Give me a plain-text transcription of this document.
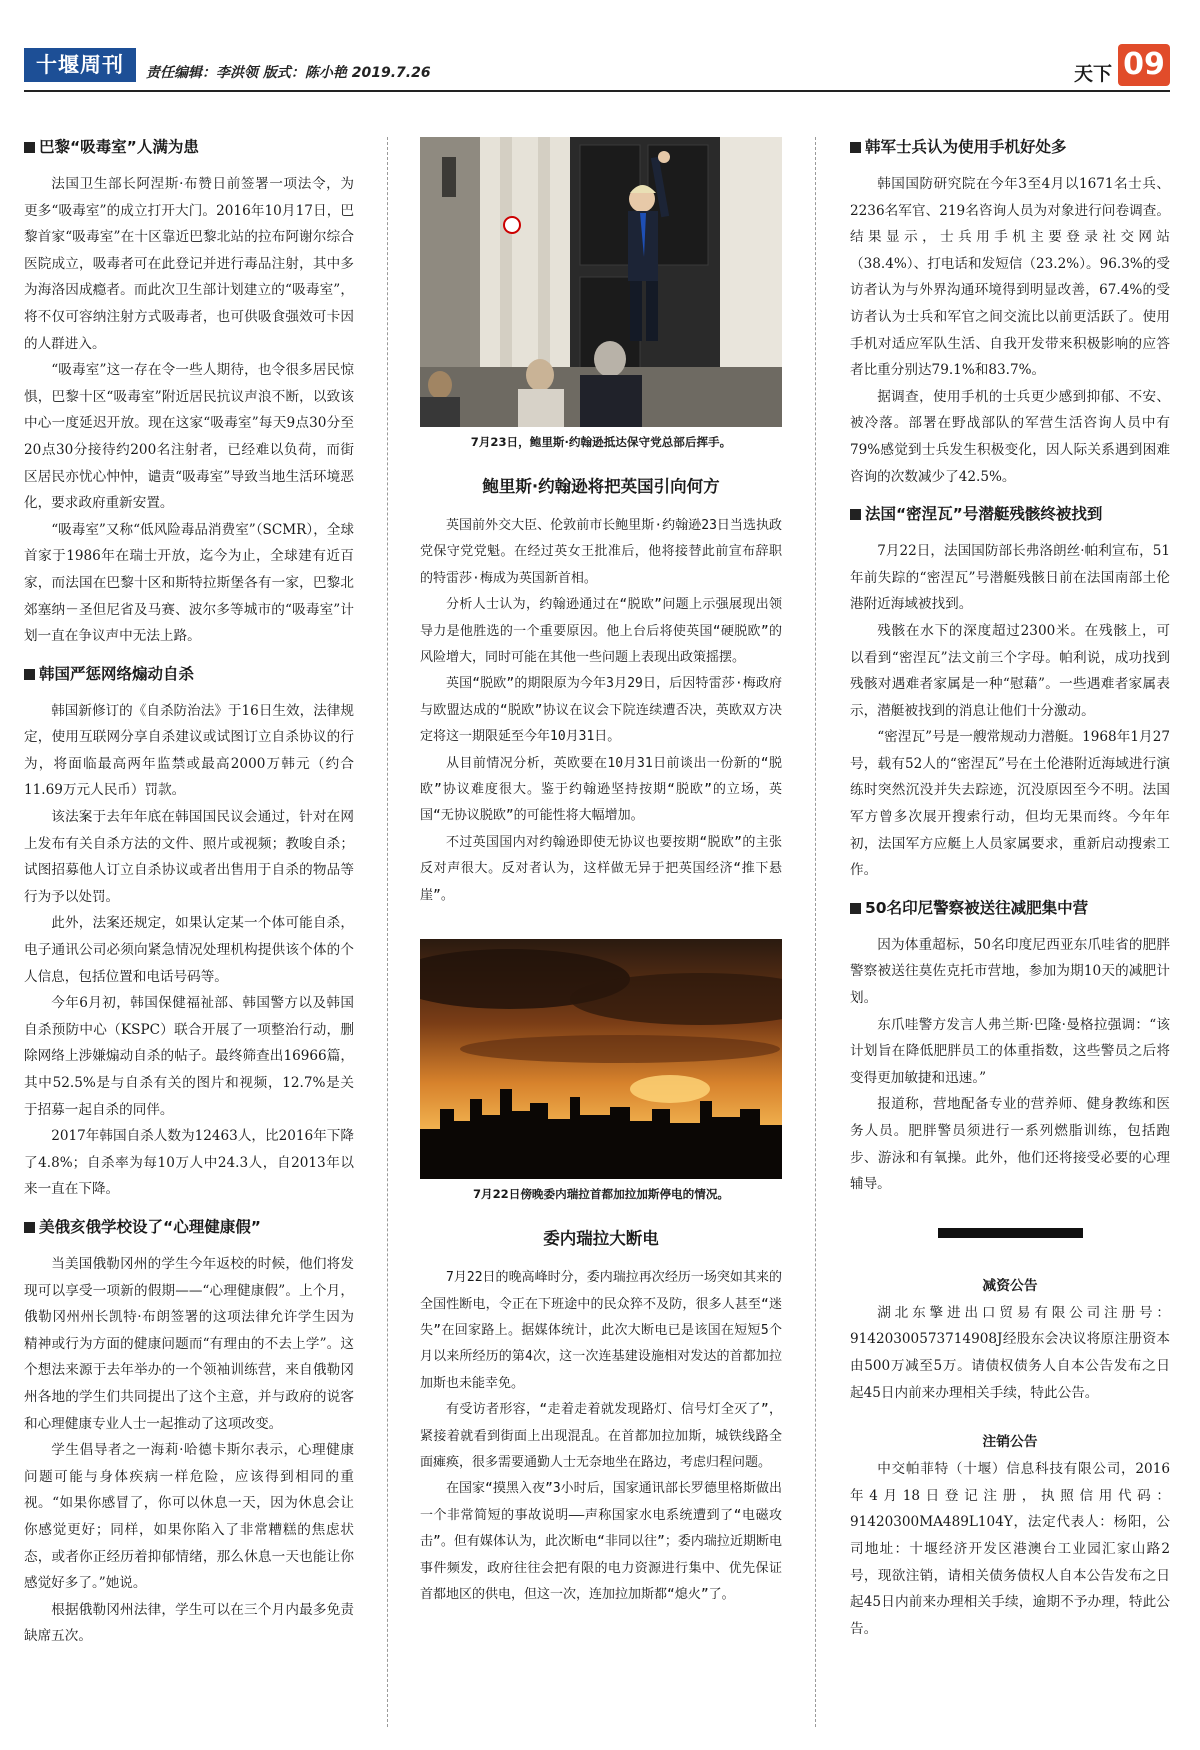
十堰周刊	责任编辑：李洪领 版式：陈小艳 2019.7.26	天下 09
巴黎“吸毒室”人满为患

法国卫生部长阿涅斯·布赞日前签署一项法令，为更多“吸毒室”的成立打开大门。2016年10月17日，巴黎首家“吸毒室”在十区靠近巴黎北站的拉布阿谢尔综合医院成立，吸毒者可在此登记并进行毒品注射，其中多为海洛因成瘾者。而此次卫生部计划建立的“吸毒室”，将不仅可容纳注射方式吸毒者，也可供吸食强效可卡因的人群进入。

“吸毒室”这一存在令一些人期待，也令很多居民惊惧，巴黎十区“吸毒室”附近居民抗议声浪不断，以致该中心一度延迟开放。现在这家“吸毒室”每天9点30分至20点30分接待约200名注射者，已经难以负荷，而街区居民亦忧心忡忡，谴责“吸毒室”导致当地生活环境恶化，要求政府重新安置。

“吸毒室”又称“低风险毒品消费室”（SCMR），全球首家于1986年在瑞士开放，迄今为止，全球建有近百家，而法国在巴黎十区和斯特拉斯堡各有一家，巴黎北郊塞纳－圣但尼省及马赛、波尔多等城市的“吸毒室”计划一直在争议声中无法上路。

韩国严惩网络煽动自杀

韩国新修订的《自杀防治法》于16日生效，法律规定，使用互联网分享自杀建议或试图订立自杀协议的行为，将面临最高两年监禁或最高2000万韩元（约合11.69万元人民币）罚款。

该法案于去年年底在韩国国民议会通过，针对在网上发布有关自杀方法的文件、照片或视频；教唆自杀；试图招募他人订立自杀协议或者出售用于自杀的物品等行为予以处罚。

此外，法案还规定，如果认定某一个体可能自杀，电子通讯公司必须向紧急情况处理机构提供该个体的个人信息，包括位置和电话号码等。

今年6月初，韩国保健福祉部、韩国警方以及韩国自杀预防中心（KSPC）联合开展了一项整治行动，删除网络上涉嫌煽动自杀的帖子。最终筛查出16966篇，其中52.5%是与自杀有关的图片和视频，12.7%是关于招募一起自杀的同伴。

2017年韩国自杀人数为12463人，比2016年下降了4.8%；自杀率为每10万人中24.3人，自2013年以来一直在下降。

美俄亥俄学校设了“心理健康假”

当美国俄勒冈州的学生今年返校的时候，他们将发现可以享受一项新的假期——“心理健康假”。上个月，俄勒冈州州长凯特·布朗签署的这项法律允许学生因为精神或行为方面的健康问题而“有理由的不去上学”。这个想法来源于去年举办的一个领袖训练营，来自俄勒冈州各地的学生们共同提出了这个主意，并与政府的说客和心理健康专业人士一起推动了这项改变。

学生倡导者之一海莉·哈德卡斯尔表示，心理健康问题可能与身体疾病一样危险，应该得到相同的重视。“如果你感冒了，你可以休息一天，因为休息会让你感觉更好；同样，如果你陷入了非常糟糕的焦虑状态，或者你正经历着抑郁情绪，那么休息一天也能让你感觉好多了。”她说。

根据俄勒冈州法律，学生可以在三个月内最多免责缺席五次。

7月23日，鲍里斯·约翰逊抵达保守党总部后挥手。
鲍里斯·约翰逊将把英国引向何方

英国前外交大臣、伦敦前市长鲍里斯·约翰逊23日当选执政党保守党党魁。在经过英女王批准后，他将接替此前宣布辞职的特雷莎·梅成为英国新首相。

分析人士认为，约翰逊通过在“脱欧”问题上示强展现出领导力是他胜选的一个重要原因。他上台后将使英国“硬脱欧”的风险增大，同时可能在其他一些问题上表现出政策摇摆。

英国“脱欧”的期限原为今年3月29日，后因特雷莎·梅政府与欧盟达成的“脱欧”协议在议会下院连续遭否决，英欧双方决定将这一期限延至今年10月31日。

从目前情况分析，英欧要在10月31日前谈出一份新的“脱欧”协议难度很大。鉴于约翰逊坚持按期“脱欧”的立场，英国“无协议脱欧”的可能性将大幅增加。

不过英国国内对约翰逊即使无协议也要按期“脱欧”的主张反对声很大。反对者认为，这样做无异于把英国经济“推下悬崖”。

7月22日傍晚委内瑞拉首都加拉加斯停电的情况。
委内瑞拉大断电

7月22日的晚高峰时分，委内瑞拉再次经历一场突如其来的全国性断电，令正在下班途中的民众猝不及防，很多人甚至“迷失”在回家路上。据媒体统计，此次大断电已是该国在短短5个月以来所经历的第4次，这一次连基建设施相对发达的首都加拉加斯也未能幸免。

有受访者形容，“走着走着就发现路灯、信号灯全灭了”，紧接着就看到街面上出现混乱。在首都加拉加斯，城铁线路全面瘫痪，很多需要通勤人士无奈地坐在路边，考虑归程问题。

在国家“摸黑入夜”3小时后，国家通讯部长罗德里格斯做出一个非常简短的事故说明——声称国家水电系统遭到了“电磁攻击”。但有媒体认为，此次断电“非同以往”；委内瑞拉近期断电事件频发，政府往往会把有限的电力资源进行集中、优先保证首都地区的供电，但这一次，连加拉加斯都“熄火”了。

韩军士兵认为使用手机好处多

韩国国防研究院在今年3至4月以1671名士兵、2236名军官、219名咨询人员为对象进行问卷调查。结果显示，士兵用手机主要登录社交网站（38.4%）、打电话和发短信（23.2%）。96.3%的受访者认为与外界沟通环境得到明显改善，67.4%的受访者认为士兵和军官之间交流比以前更活跃了。使用手机对适应军队生活、自我开发带来积极影响的应答者比重分别达79.1%和83.7%。

据调查，使用手机的士兵更少感到抑郁、不安、被冷落。部署在野战部队的军营生活咨询人员中有79%感觉到士兵发生积极变化，因人际关系遇到困难咨询的次数减少了42.5%。

法国“密涅瓦”号潜艇残骸终被找到

7月22日，法国国防部长弗洛朗丝·帕利宣布，51年前失踪的“密涅瓦”号潜艇残骸日前在法国南部土伦港附近海域被找到。

残骸在水下的深度超过2300米。在残骸上，可以看到“密涅瓦”法文前三个字母。帕利说，成功找到残骸对遇难者家属是一种“慰藉”。一些遇难者家属表示，潜艇被找到的消息让他们十分激动。

“密涅瓦”号是一艘常规动力潜艇。1968年1月27号，载有52人的“密涅瓦”号在土伦港附近海域进行演练时突然沉没并失去踪迹，沉没原因至今不明。法国军方曾多次展开搜索行动，但均无果而终。今年年初，法国军方应艇上人员家属要求，重新启动搜索工作。

50名印尼警察被送往减肥集中营

因为体重超标，50名印度尼西亚东爪哇省的肥胖警察被送往莫佐克托市营地，参加为期10天的减肥计划。

东爪哇警方发言人弗兰斯·巴隆·曼格拉强调：“该计划旨在降低肥胖员工的体重指数，这些警员之后将变得更加敏捷和迅速。”

报道称，营地配备专业的营养师、健身教练和医务人员。肥胖警员须进行一系列燃脂训练，包括跑步、游泳和有氧操。此外，他们还将接受必要的心理辅导。

减资公告

湖北东擎进出口贸易有限公司注册号：91420300573714908J经股东会决议将原注册资本由500万减至5万。请债权债务人自本公告发布之日起45日内前来办理相关手续，特此公告。

注销公告

中交帕菲特（十堰）信息科技有限公司，2016年4月18日登记注册，执照信用代码：91420300MA489L104Y，法定代表人：杨阳，公司地址：十堰经济开发区港澳台工业园汇家山路2号，现欲注销，请相关债务债权人自本公告发布之日起45日内前来办理相关手续，逾期不予办理，特此公告。
